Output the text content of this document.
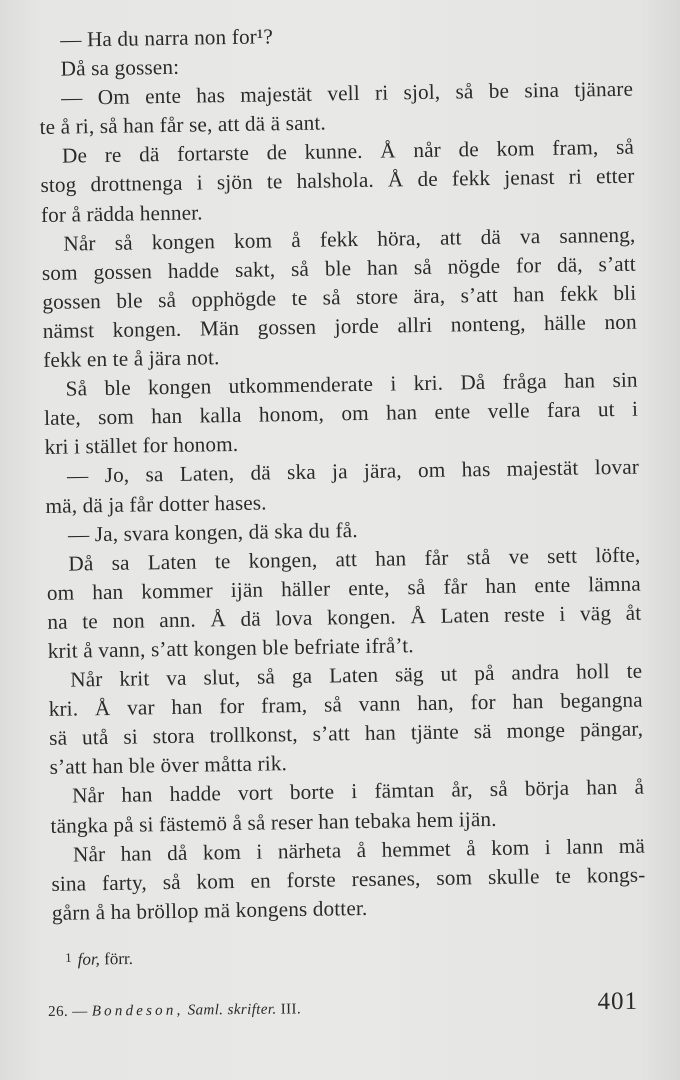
— Ha du narra non for¹?
Då sa gossen:
— Om ente has majestät vell ri sjol, så be sina tjänare
te å ri, så han får se, att dä ä sant.
De re dä fortarste de kunne. Å når de kom fram, så
stog drottnenga i sjön te halshola. Å de fekk jenast ri etter
for å rädda henner.
Når så kongen kom å fekk höra, att dä va sanneng,
som gossen hadde sakt, så ble han så nögde for dä, s’att
gossen ble så opphögde te så store ära, s’att han fekk bli
nämst kongen. Män gossen jorde allri nonteng, hälle non
fekk en te å jära not.
Så ble kongen utkommenderate i kri. Då fråga han sin
late, som han kalla honom, om han ente velle fara ut i
kri i stället for honom.
— Jo, sa Laten, dä ska ja jära, om has majestät lovar
mä, dä ja får dotter hases.
— Ja, svara kongen, dä ska du få.
Då sa Laten te kongen, att han får stå ve sett löfte,
om han kommer ijän häller ente, så får han ente lämna
na te non ann. Å dä lova kongen. Å Laten reste i väg åt
krit å vann, s’att kongen ble befriate ifrå’t.
Når krit va slut, så ga Laten säg ut på andra holl te
kri. Å var han for fram, så vann han, for han begangna
sä utå si stora trollkonst, s’att han tjänte sä monge pängar,
s’att han ble över måtta rik.
Når han hadde vort borte i fämtan år, så börja han å
tängka på si fästemö å så reser han tebaka hem ijän.
Når han då kom i närheta å hemmet å kom i lann mä
sina farty, så kom en forste resanes, som skulle te kongs-
gårn å ha bröllop mä kongens dotter.
1 for, förr.
26. — Bondeson, Saml. skrifter. III.	401
